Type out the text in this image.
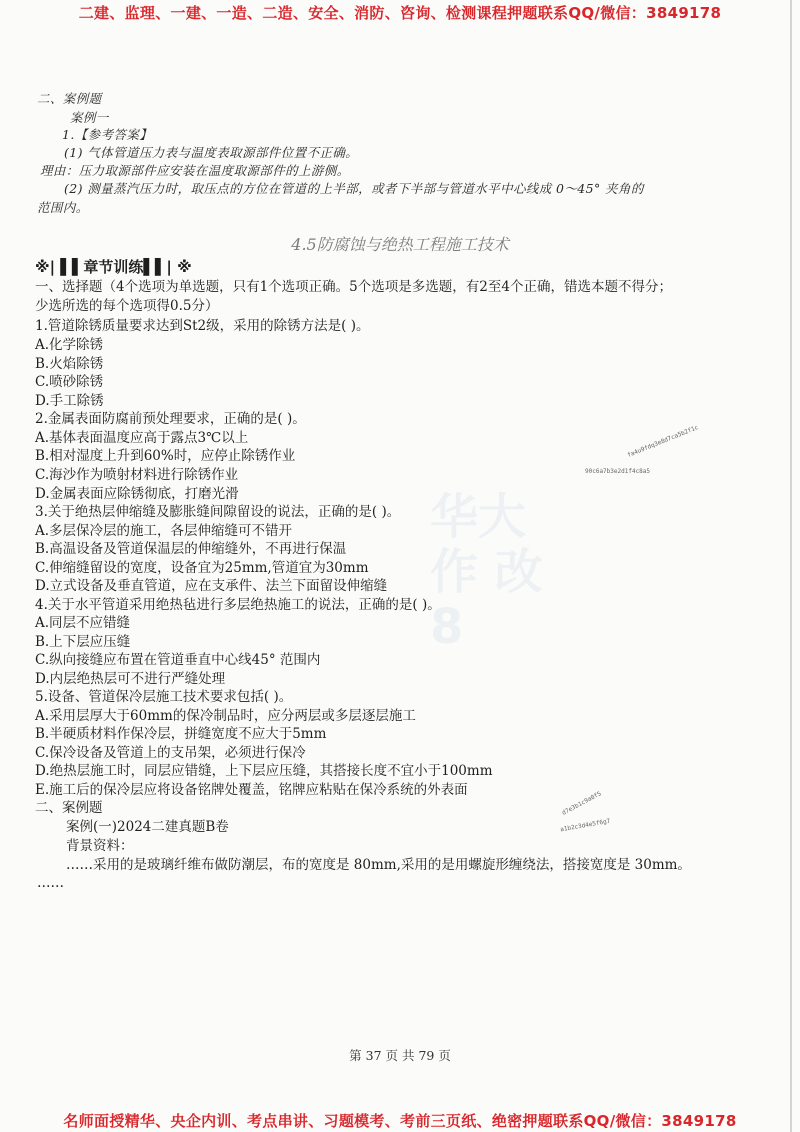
二建、监理、一建、一造、二造、安全、消防、咨询、检测课程押题联系QQ/微信：3849178
二、案例题
案例一
1.【参考答案】
(1) 气体管道压力表与温度表取源部件位置不正确。
理由：压力取源部件应安装在温度取源部件的上游侧。
(2) 测量蒸汽压力时，取压点的方位在管道的上半部，或者下半部与管道水平中心线成 0～45° 夹角的
范围内。
4.5防腐蚀与绝热工程施工技术
※| ▌▌章节训练▌▌| ※
一、选择题（4个选项为单选题，只有1个选项正确。5个选项是多选题，有2至4个正确，错选本题不得分；
少选所选的每个选项得0.5分）
1.管道除锈质量要求达到St2级，采用的除锈方法是( )。
A.化学除锈
B.火焰除锈
C.喷砂除锈
D.手工除锈
2.金属表面防腐前预处理要求，正确的是( )。
A.基体表面温度应高于露点3℃以上
B.相对湿度上升到60%时，应停止除锈作业
C.海沙作为喷射材料进行除锈作业
D.金属表面应除锈彻底，打磨光滑
3.关于绝热层伸缩缝及膨胀缝间隙留设的说法，正确的是( )。
A.多层保冷层的施工，各层伸缩缝可不错开
B.高温设备及管道保温层的伸缩缝外，不再进行保温
C.伸缩缝留设的宽度，设备宜为25mm,管道宜为30mm
D.立式设备及垂直管道，应在支承件、法兰下面留设伸缩缝
4.关于水平管道采用绝热毡进行多层绝热施工的说法，正确的是( )。
A.同层不应错缝
B.上下层应压缝
C.纵向接缝应布置在管道垂直中心线45° 范围内
D.内层绝热层可不进行严缝处理
5.设备、管道保冷层施工技术要求包括( )。
A.采用层厚大于60mm的保冷制品时，应分两层或多层逐层施工
B.半硬质材料作保冷层，拼缝宽度不应大于5mm
C.保冷设备及管道上的支吊架，必须进行保冷
D.绝热层施工时，同层应错缝，上下层应压缝，其搭接长度不宜小于100mm
E.施工后的保冷层应将设备铭牌处覆盖，铭牌应粘贴在保冷系统的外表面
二、案例题
案例(一)2024二建真题B卷
背景资料：
……采用的是玻璃纤维布做防潮层，布的宽度是 80mm,采用的是用螺旋形缠绕法，搭接宽度是 30mm。
……
华大作 改8
fa4u9fdq3e8d7ca5b2f1c
90c6a7b3e2d1f4c8a5
d7e3b1c9a0f5
a1b2c3d4e5f6g7
第 37 页 共 79 页
名师面授精华、央企内训、考点串讲、习题模考、考前三页纸、绝密押题联系QQ/微信：3849178
